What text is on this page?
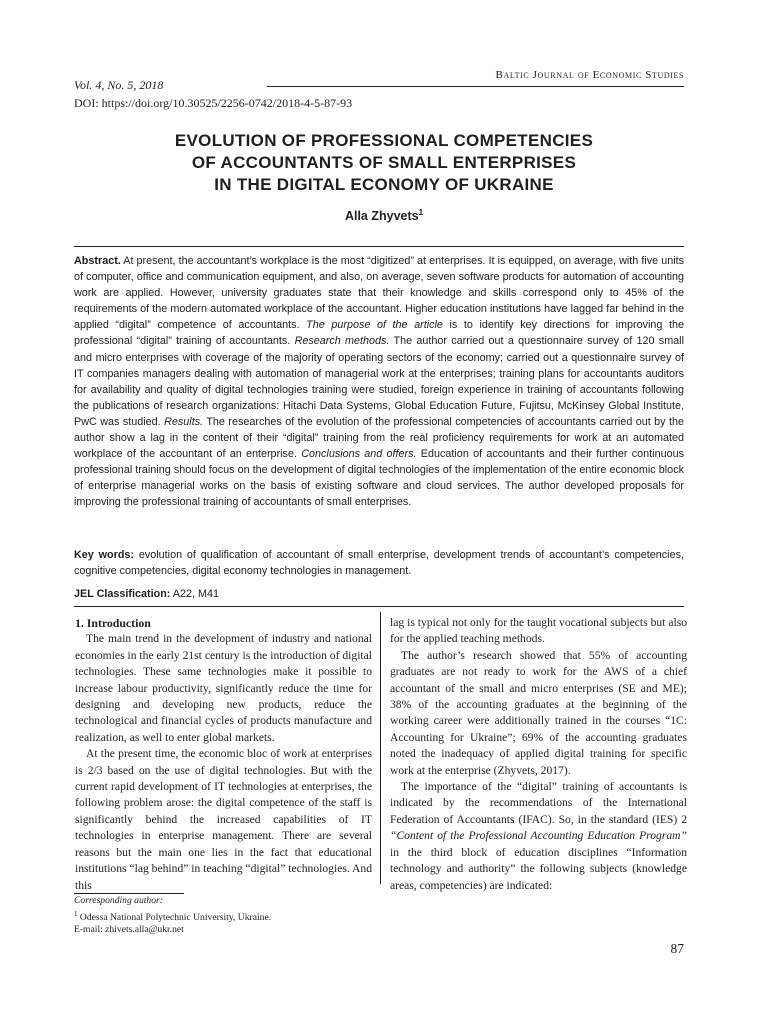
Baltic Journal of Economic Studies
Vol. 4, No. 5, 2018
DOI: https://doi.org/10.30525/2256-0742/2018-4-5-87-93
EVOLUTION OF PROFESSIONAL COMPETENCIES
OF ACCOUNTANTS OF SMALL ENTERPRISES
IN THE DIGITAL ECONOMY OF UKRAINE
Alla Zhyvets$^1$
Abstract. At present, the accountant’s workplace is the most “digitized” at enterprises. It is equipped, on average, with five units of computer, office and communication equipment, and also, on average, seven software products for automation of accounting work are applied. However, university graduates state that their knowledge and skills correspond only to 45% of the requirements of the modern automated workplace of the accountant. Higher education institutions have lagged far behind in the applied “digital” competence of accountants. The purpose of the article is to identify key directions for improving the professional “digital” training of accountants. Research methods. The author carried out a questionnaire survey of 120 small and micro enterprises with coverage of the majority of operating sectors of the economy; carried out a questionnaire survey of IT companies managers dealing with automation of managerial work at the enterprises; training plans for accountants auditors for availability and quality of digital technologies training were studied, foreign experience in training of accountants following the publications of research organizations: Hitachi Data Systems, Global Education Future, Fujitsu, McKinsey Global Institute, PwC was studied. Results. The researches of the evolution of the professional competencies of accountants carried out by the author show a lag in the content of their “digital” training from the real proficiency requirements for work at an automated workplace of the accountant of an enterprise. Conclusions and offers. Education of accountants and their further continuous professional training should focus on the development of digital technologies of the implementation of the entire economic block of enterprise managerial works on the basis of existing software and cloud services. The author developed proposals for improving the professional training of accountants of small enterprises.
Key words: evolution of qualification of accountant of small enterprise, development trends of accountant’s competencies, cognitive competencies, digital economy technologies in management.
JEL Classification: A22, M41

1. Introduction

The main trend in the development of industry and national economies in the early 21st century is the introduction of digital technologies. These same technologies make it possible to increase labour productivity, significantly reduce the time for designing and developing new products, reduce the technological and financial cycles of products manufacture and realization, as well to enter global markets.

At the present time, the economic bloc of work at enterprises is 2/3 based on the use of digital technologies. But with the current rapid development of IT technologies at enterprises, the following problem arose: the digital competence of the staff is significantly behind the increased capabilities of IT technologies in enterprise management. There are several reasons but the main one lies in the fact that educational institutions “lag behind” in teaching “digital” technologies. And this

lag is typical not only for the taught vocational subjects but also for the applied teaching methods.

The author’s research showed that 55% of accounting graduates are not ready to work for the AWS of a chief accountant of the small and micro enterprises (SE and ME); 38% of the accounting graduates at the beginning of the working career were additionally trained in the courses “1C: Accounting for Ukraine”; 69% of the accounting graduates noted the inadequacy of applied digital training for specific work at the enterprise (Zhyvets, 2017).

The importance of the “digital” training of accountants is indicated by the recommendations of the International Federation of Accountants (IFAC). So, in the standard (IES) 2 “Content of the Professional Accounting Education Program” in the third block of education disciplines “Information technology and authority” the following subjects (knowledge areas, competencies) are indicated:

Corresponding author:
$^1$ Odessa National Polytechnic University, Ukraine.
E-mail: zhivets.alla@ukr.net
87
